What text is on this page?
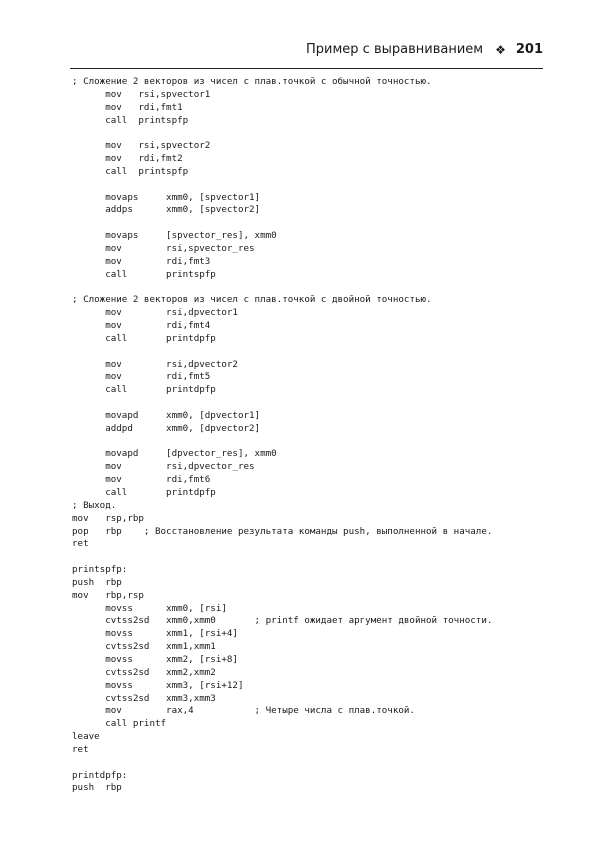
Пример с выравниванием ❖ 201
; Сложение 2 векторов из чисел с плав.точкой с обычной точностью.
mov   rsi,spvector1
mov   rdi,fmt1
call  printspfp
mov   rsi,spvector2
mov   rdi,fmt2
call  printspfp
movaps     xmm0, [spvector1]
addps      xmm0, [spvector2]
movaps     [spvector_res], xmm0
mov        rsi,spvector_res
mov        rdi,fmt3
call       printspfp
; Сложение 2 векторов из чисел с плав.точкой с двойной точностью.
mov        rsi,dpvector1
mov        rdi,fmt4
call       printdpfp
mov        rsi,dpvector2
mov        rdi,fmt5
call       printdpfp
movapd     xmm0, [dpvector1]
addpd      xmm0, [dpvector2]
movapd     [dpvector_res], xmm0
mov        rsi,dpvector_res
mov        rdi,fmt6
call       printdpfp
; Выход.
mov   rsp,rbp
pop   rbp    ; Восстановление результата команды push, выполненной в начале.
ret
printspfp:
push  rbp
mov   rbp,rsp
movss      xmm0, [rsi]
cvtss2sd   xmm0,xmm0       ; printf ожидает аргумент двойной точности.
movss      xmm1, [rsi+4]
cvtss2sd   xmm1,xmm1
movss      xmm2, [rsi+8]
cvtss2sd   xmm2,xmm2
movss      xmm3, [rsi+12]
cvtss2sd   xmm3,xmm3
mov        rax,4           ; Четыре числа с плав.точкой.
call printf
leave
ret
printdpfp:
push  rbp
